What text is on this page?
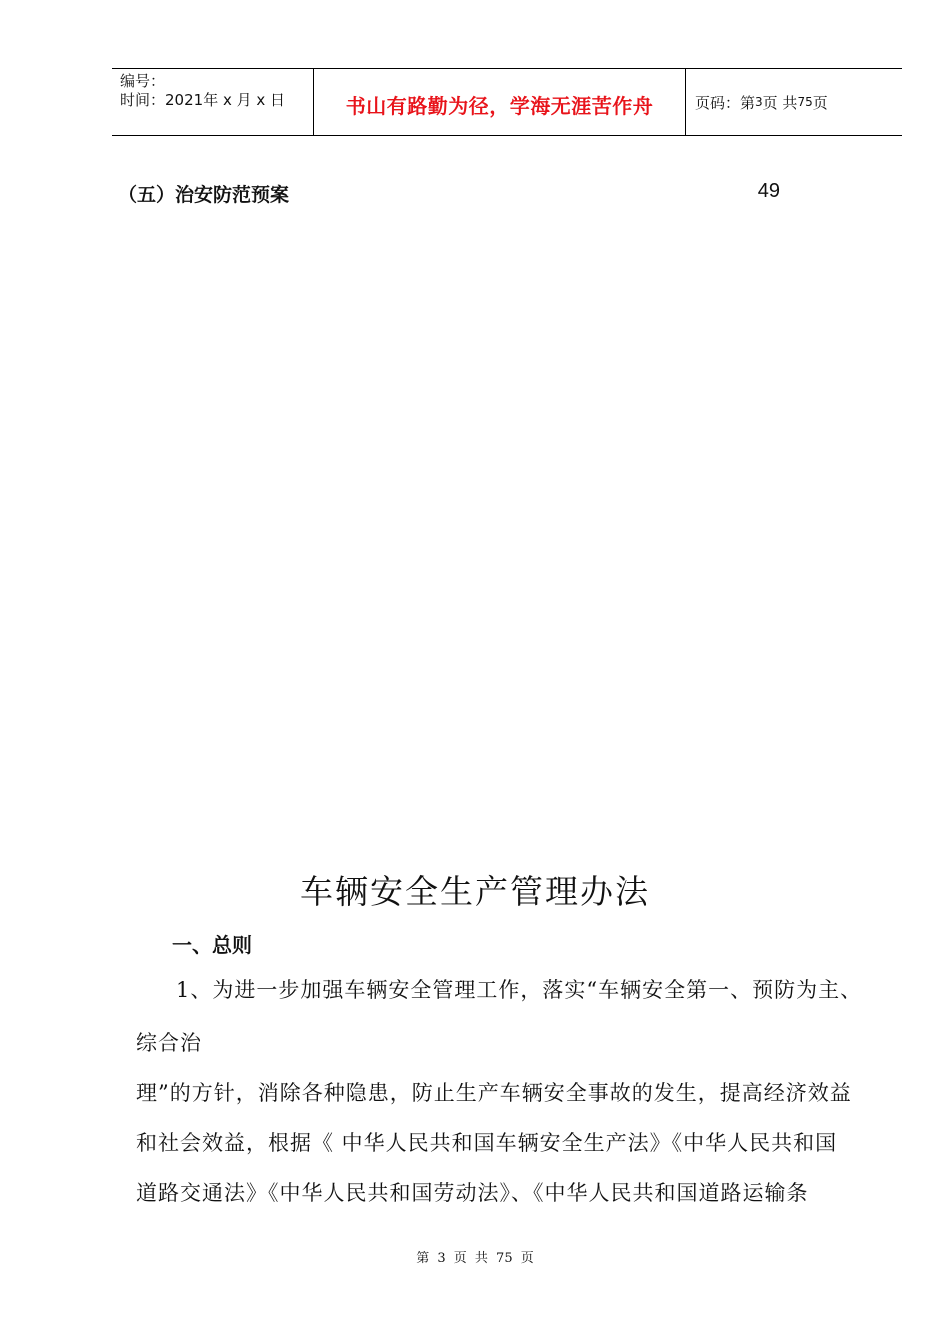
编号：
时间：2021年 x 月 x 日	书山有路勤为径，学海无涯苦作舟	页码：第 3 页 共 75 页
（五）治安防范预案	49
车辆安全生产管理办法
一、总则
1、为进一步加强车辆安全管理工作，落实“车辆安全第一、预防为主、
综合治
理”的方针，消除各种隐患，防止生产车辆安全事故的发生，提高经济效益
和社会效益，根据《 中华人民共和国车辆安全生产法》《中华人民共和国
道路交通法》《中华人民共和国劳动法》、《中华人民共和国道路运输条
第 3 页 共 75 页
